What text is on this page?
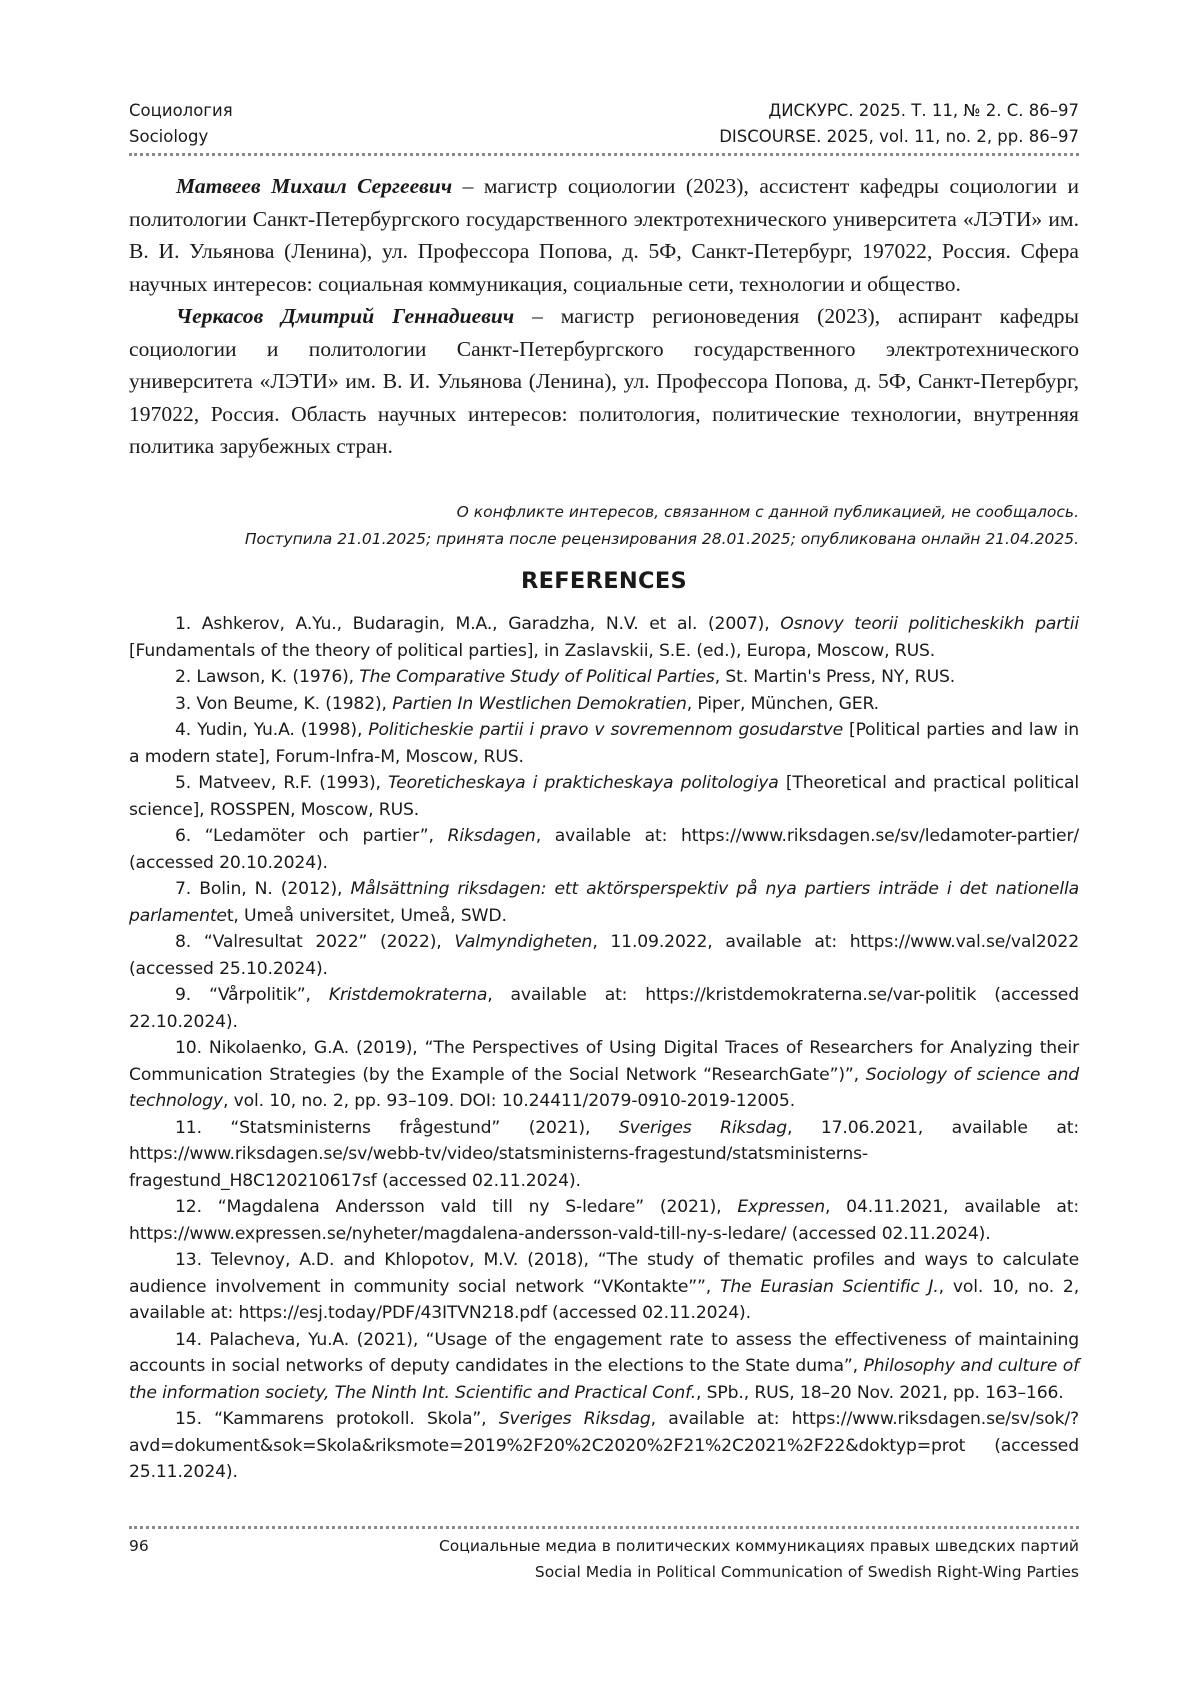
Социология	ДИСКУРС. 2025. Т. 11, № 2. С. 86–97
Sociology	DISCOURSE. 2025, vol. 11, no. 2, pp. 86–97

Матвеев Михаил Сергеевич – магистр социологии (2023), ассистент кафедры социологии и политологии Санкт-Петербургского государственного электротехнического университета «ЛЭТИ» им. В. И. Ульянова (Ленина), ул. Профессора Попова, д. 5Ф, Санкт-Петербург, 197022, Россия. Сфера научных интересов: социальная коммуникация, социальные сети, технологии и общество.

Черкасов Дмитрий Геннадиевич – магистр регионоведения (2023), аспирант кафедры социологии и политологии Санкт-Петербургского государственного электротехнического университета «ЛЭТИ» им. В. И. Ульянова (Ленина), ул. Профессора Попова, д. 5Ф, Санкт-Петербург, 197022, Россия. Область научных интересов: политология, политические технологии, внутренняя политика зарубежных стран.

О конфликте интересов, связанном с данной публикацией, не сообщалось.
Поступила 21.01.2025; принята после рецензирования 28.01.2025; опубликована онлайн 21.04.2025.
REFERENCES

1. Ashkerov, A.Yu., Budaragin, M.A., Garadzha, N.V. et al. (2007), Osnovy teorii politicheskikh partii [Fundamentals of the theory of political parties], in Zaslavskii, S.E. (ed.), Europa, Moscow, RUS.

2. Lawson, K. (1976), The Comparative Study of Political Parties, St. Martin's Press, NY, RUS.

3. Von Beume, K. (1982), Partien In Westlichen Demokratien, Piper, München, GER.

4. Yudin, Yu.A. (1998), Politicheskie partii i pravo v sovremennom gosudarstve [Political parties and law in a modern state], Forum-Infra-M, Moscow, RUS.

5. Matveev, R.F. (1993), Teoreticheskaya i prakticheskaya politologiya [Theoretical and practical political science], ROSSPEN, Moscow, RUS.

6. “Ledamöter och partier”, Riksdagen, available at: https://www.riksdagen.se/sv/ledamoter-partier/ (accessed 20.10.2024).

7. Bolin, N. (2012), Målsättning riksdagen: ett aktörsperspektiv på nya partiers inträde i det nationella parlamentet, Umeå universitet, Umeå, SWD.

8. “Valresultat 2022” (2022), Valmyndigheten, 11.09.2022, available at: https://www.val.se/val2022 (accessed 25.10.2024).

9. “Vårpolitik”, Kristdemokraterna, available at: https://kristdemokraterna.se/var-politik (accessed 22.10.2024).

10. Nikolaenko, G.A. (2019), “The Perspectives of Using Digital Traces of Researchers for Analyzing their Communication Strategies (by the Example of the Social Network “ResearchGate”)”, Sociology of science and technology, vol. 10, no. 2, pp. 93–109. DOI: 10.24411/2079-0910-2019-12005.

11. “Statsministerns frågestund” (2021), Sveriges Riksdag, 17.06.2021, available at: https://www.riksdagen.se/sv/webb-tv/video/statsministerns-fragestund/statsministerns-fragestund_H8C120210617sf (accessed 02.11.2024).

12. “Magdalena Andersson vald till ny S-ledare” (2021), Expressen, 04.11.2021, available at: https://www.expressen.se/nyheter/magdalena-andersson-vald-till-ny-s-ledare/ (accessed 02.11.2024).

13. Televnoy, A.D. and Khlopotov, M.V. (2018), “The study of thematic profiles and ways to calculate audience involvement in community social network “VKontakte””, The Eurasian Scientific J., vol. 10, no. 2, available at: https://esj.today/PDF/43ITVN218.pdf (accessed 02.11.2024).

14. Palacheva, Yu.A. (2021), “Usage of the engagement rate to assess the effectiveness of maintaining accounts in social networks of deputy candidates in the elections to the State duma”, Philosophy and culture of the information society, The Ninth Int. Scientific and Practical Conf., SPb., RUS, 18–20 Nov. 2021, pp. 163–166.

15. “Kammarens protokoll. Skola”, Sveriges Riksdag, available at: https://www.riksdagen.se/sv/sok/?avd=dokument&sok=Skola&riksmote=2019%2F20%2C2020%2F21%2C2021%2F22&doktyp=prot (accessed 25.11.2024).

96	Социальные медиа в политических коммуникациях правых шведских партий
Social Media in Political Communication of Swedish Right-Wing Parties
